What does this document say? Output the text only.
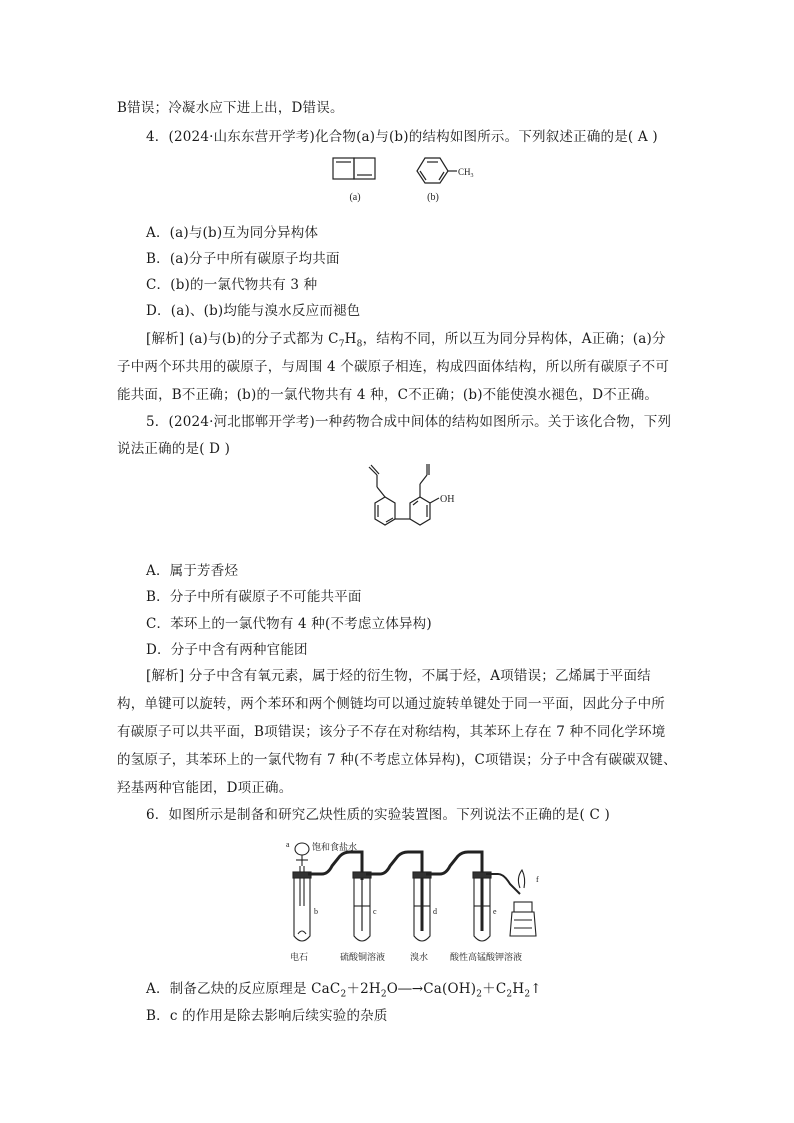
B错误；冷凝水应下进上出，D错误。
4．(2024·山东东营开学考)化合物(a)与(b)的结构如图所示。下列叙述正确的是( A )
(a)
$CH_3$
(b)
A．(a)与(b)互为同分异构体
B．(a)分子中所有碳原子均共面
C．(b)的一氯代物共有 3 种
D．(a)、(b)均能与溴水反应而褪色
[解析] (a)与(b)的分子式都为 $C_7H_8$，结构不同，所以互为同分异构体，A正确；(a)分
子中两个环共用的碳原子，与周围 4 个碳原子相连，构成四面体结构，所以所有碳原子不可
能共面，B不正确；(b)的一氯代物共有 4 种，C不正确；(b)不能使溴水褪色，D不正确。
5．(2024·河北邯郸开学考)一种药物合成中间体的结构如图所示。关于该化合物，下列
说法正确的是( D )
OH
A．属于芳香烃
B．分子中所有碳原子不可能共平面
C．苯环上的一氯代物有 4 种(不考虑立体异构)
D．分子中含有两种官能团
[解析] 分子中含有氧元素，属于烃的衍生物，不属于烃，A项错误；乙烯属于平面结
构，单键可以旋转，两个苯环和两个侧链均可以通过旋转单键处于同一平面，因此分子中所
有碳原子可以共平面，B项错误；该分子不存在对称结构，其苯环上存在 7 种不同化学环境
的氢原子，其苯环上的一氯代物有 7 种(不考虑立体异构)，C项错误；分子中含有碳碳双键、
羟基两种官能团，D项正确。
6．如图所示是制备和研究乙炔性质的实验装置图。下列说法不正确的是( C )
a 饱和食盐水
b	c	d	e
f
电石	硫酸铜溶液	溴水 酸性高锰酸钾溶液
A．制备乙炔的反应原理是 $CaC_2+2H_2O―\to Ca(OH)_2+C_2H_2↑$
B．c 的作用是除去影响后续实验的杂质
